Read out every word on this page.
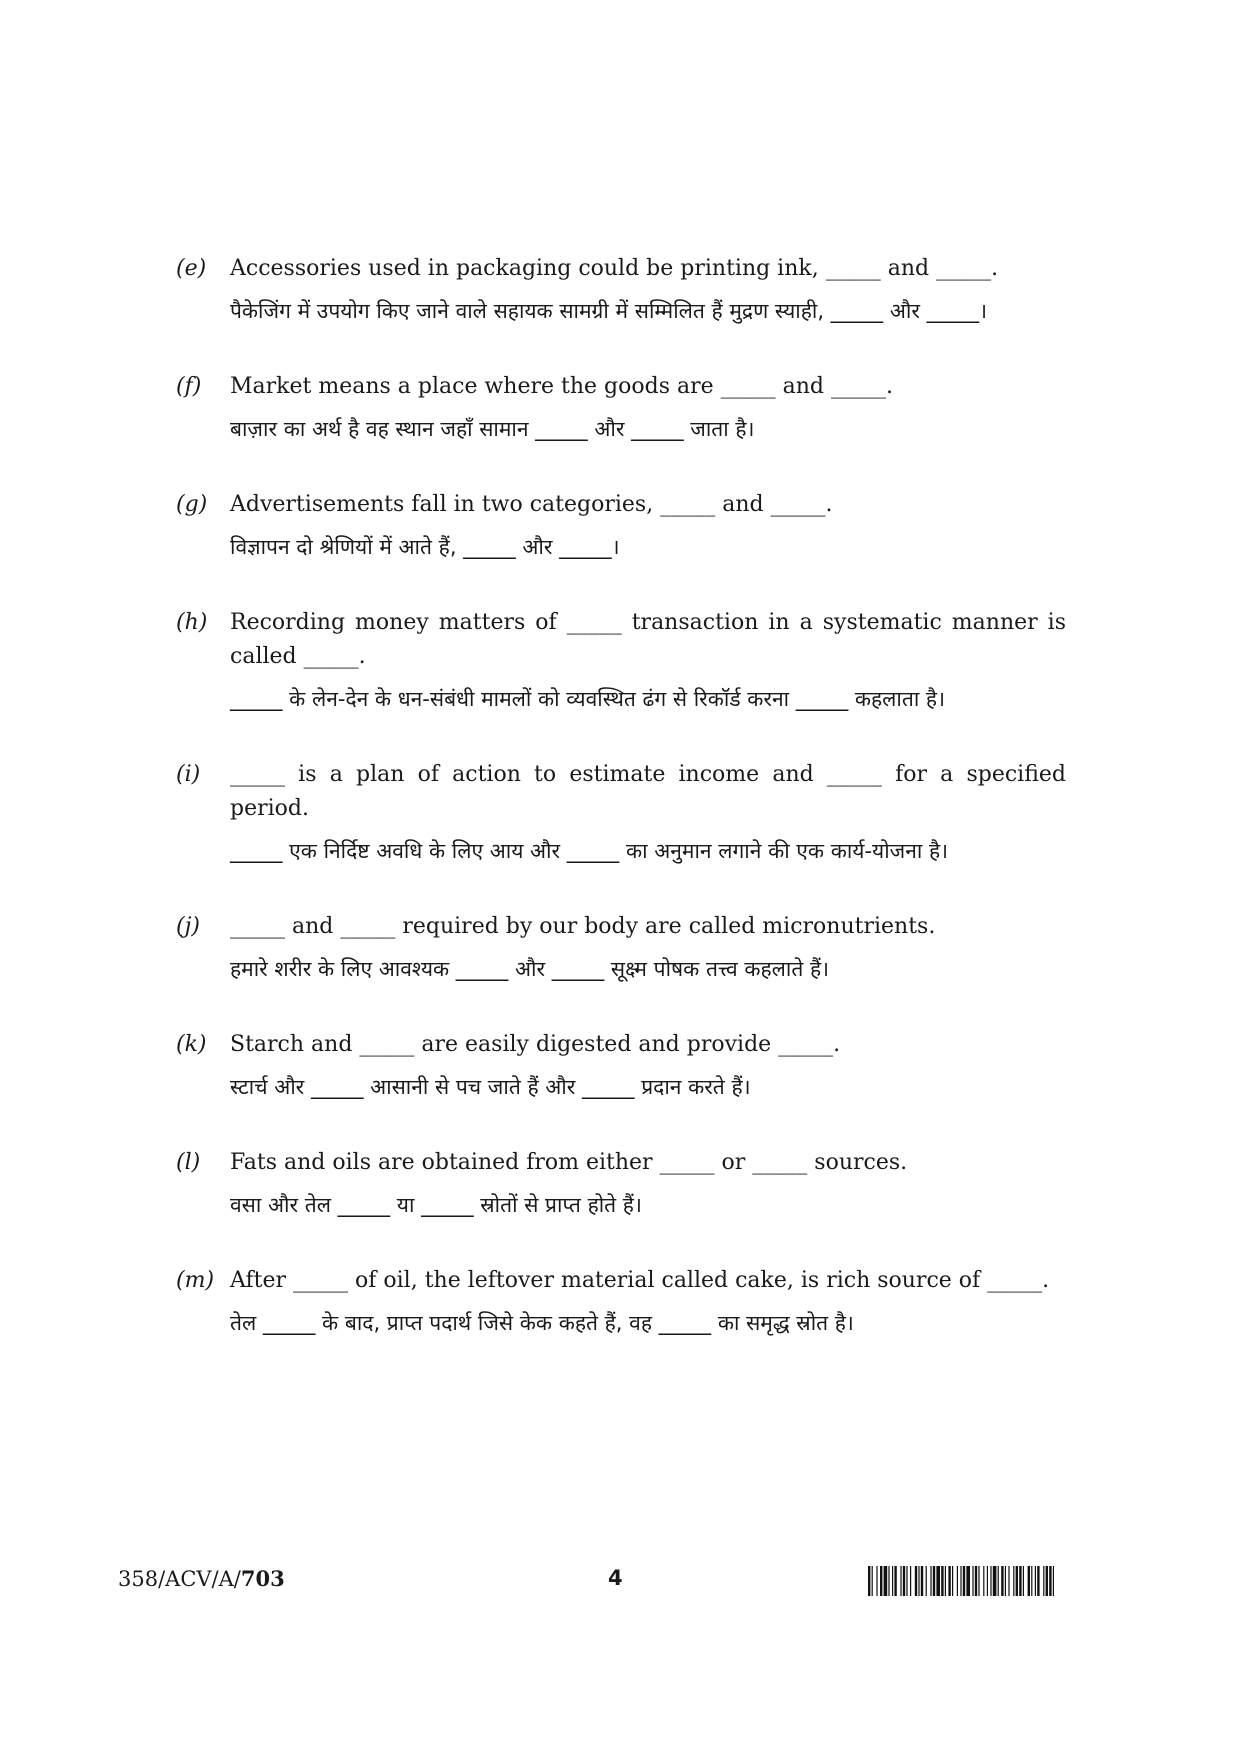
(e)	Accessories used in packaging could be printing ink, _____ and _____.

पैकेजिंग में उपयोग किए जाने वाले सहायक सामग्री में सम्मिलित हैं मुद्रण स्याही, _____ और _____।

(f)	Market means a place where the goods are _____ and _____.

बाज़ार का अर्थ है वह स्थान जहाँ सामान _____ और _____ जाता है।

(g)	Advertisements fall in two categories, _____ and _____.

विज्ञापन दो श्रेणियों में आते हैं, _____ और _____।

(h)	Recording money matters of _____ transaction in a systematic manner is called _____.

_____ के लेन-देन के धन-संबंधी मामलों को व्यवस्थित ढंग से रिकॉर्ड करना _____ कहलाता है।

(i)	_____ is a plan of action to estimate income and _____ for a specified period.

_____ एक निर्दिष्ट अवधि के लिए आय और _____ का अनुमान लगाने की एक कार्य-योजना है।

(j)	_____ and _____ required by our body are called micronutrients.

हमारे शरीर के लिए आवश्यक _____ और _____ सूक्ष्म पोषक तत्त्व कहलाते हैं।

(k)	Starch and _____ are easily digested and provide _____.

स्टार्च और _____ आसानी से पच जाते हैं और _____ प्रदान करते हैं।

(l)	Fats and oils are obtained from either _____ or _____ sources.

वसा और तेल _____ या _____ स्रोतों से प्राप्त होते हैं।

(m) After _____ of oil, the leftover material called cake, is rich source of _____.

तेल _____ के बाद, प्राप्त पदार्थ जिसे केक कहते हैं, वह _____ का समृद्ध स्रोत है।

358/ACV/A/703	4
